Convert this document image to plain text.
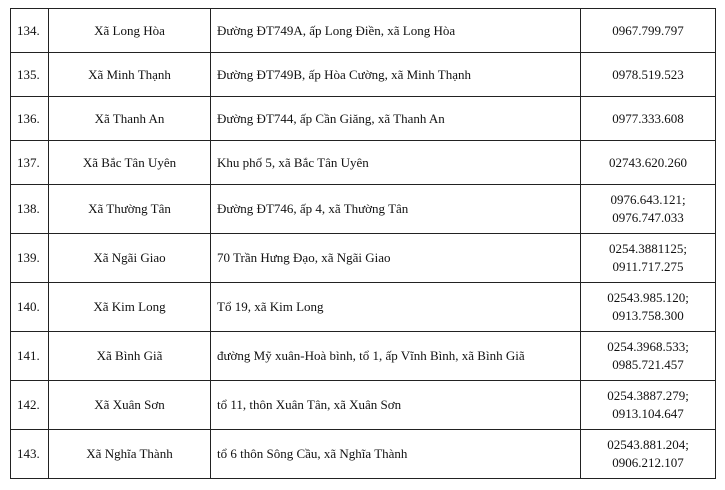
134.	Xã Long Hòa	Đường ĐT749A, ấp Long Điền, xã Long Hòa	0967.799.797

135.	Xã Minh Thạnh	Đường ĐT749B, ấp Hòa Cường, xã Minh Thạnh	0978.519.523

136.	Xã Thanh An	Đường ĐT744, ấp Cần Giăng, xã Thanh An	0977.333.608

137.	Xã Bắc Tân Uyên	Khu phố 5, xã Bắc Tân Uyên	02743.620.260

138.	Xã Thường Tân	Đường ĐT746, ấp 4, xã Thường Tân	0976.643.121;
0976.747.033

139.	Xã Ngãi Giao	70 Trần Hưng Đạo, xã Ngãi Giao	0254.3881125;
0911.717.275

140.	Xã Kim Long	Tổ 19, xã Kim Long	02543.985.120;
0913.758.300

141.	Xã Bình Giã	đường Mỹ xuân-Hoà bình, tổ 1, ấp Vĩnh Bình, xã Bình Giã	0254.3968.533;
0985.721.457

142.	Xã Xuân Sơn	tổ 11, thôn Xuân Tân, xã Xuân Sơn	0254.3887.279;
0913.104.647

143.	Xã Nghĩa Thành	tổ 6 thôn Sông Cầu, xã Nghĩa Thành	02543.881.204;
0906.212.107
